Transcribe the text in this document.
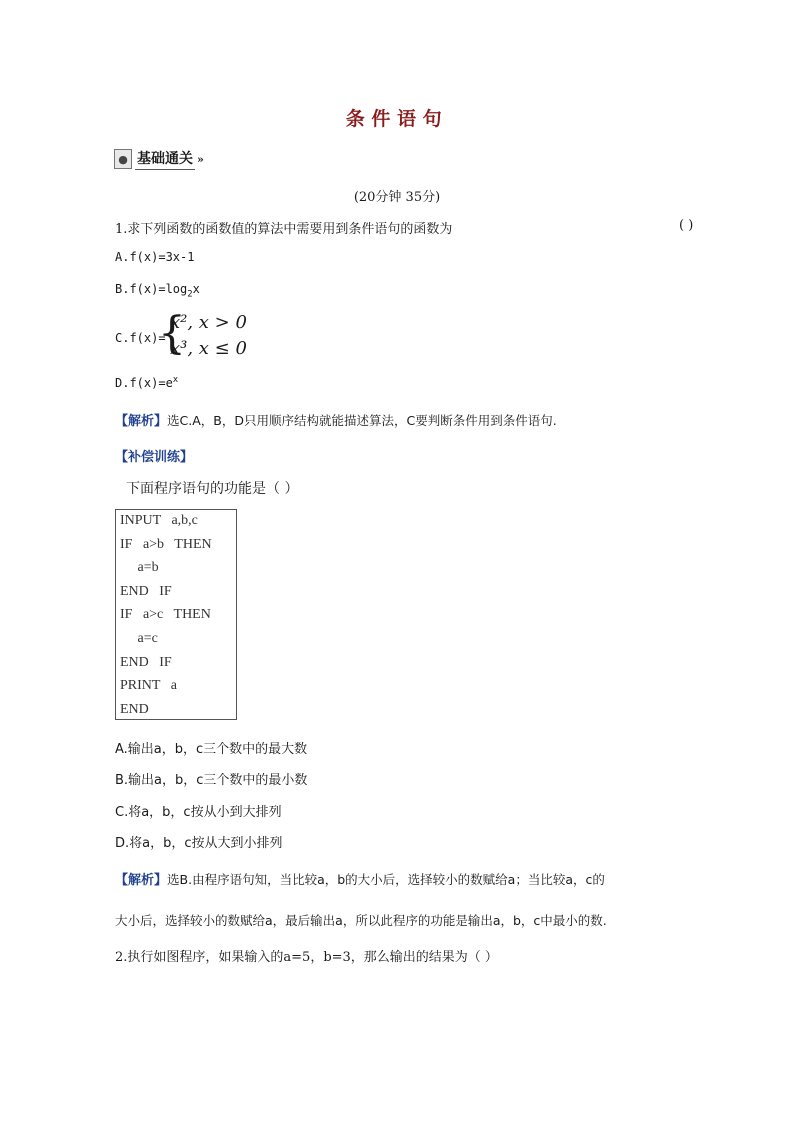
条件语句
● 基础通关 »
(20分钟 35分)
1.求下列函数的函数值的算法中需要用到条件语句的函数为	( )
A.f(x)=3x-1
$B.f(x)=\log_2x$
C.f(x)=
{
x², x > 0
x³, x ≤ 0
$D.f(x)=e^x$
【解析】选C.A，B，D只用顺序结构就能描述算法，C要判断条件用到条件语句.
【补偿训练】
下面程序语句的功能是（ ）
INPUT   a,b,c
IF   a>b   THEN
a=b
END   IF
IF   a>c   THEN
a=c
END   IF
PRINT   a
END
A.输出a，b，c三个数中的最大数
B.输出a，b，c三个数中的最小数
C.将a，b，c按从小到大排列
D.将a，b，c按从大到小排列
【解析】选B.由程序语句知，当比较a，b的大小后，选择较小的数赋给a；当比较a，c的
大小后，选择较小的数赋给a，最后输出a，所以此程序的功能是输出a，b，c中最小的数.
2.执行如图程序，如果输入的a=5，b=3，那么输出的结果为（ ）
